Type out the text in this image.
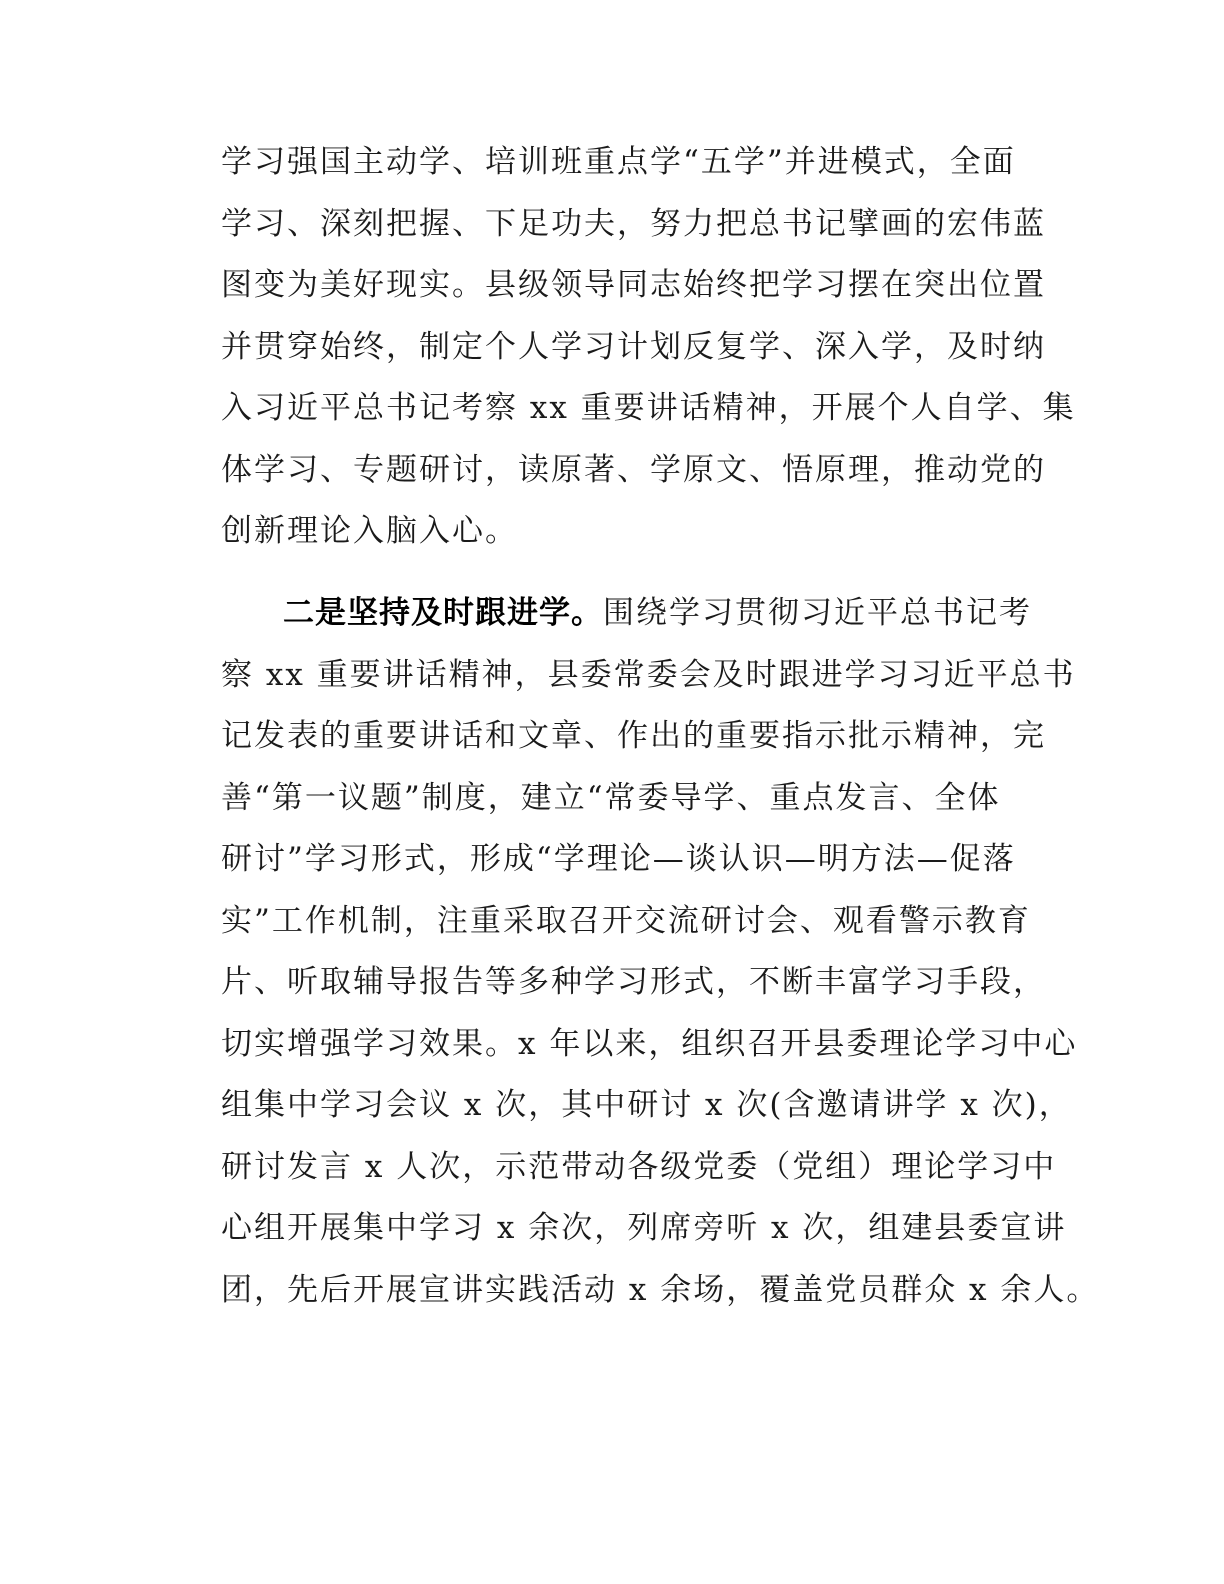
学习强国主动学、培训班重点学“五学”并进模式，全面
学习、深刻把握、下足功夫，努力把总书记擘画的宏伟蓝
图变为美好现实。县级领导同志始终把学习摆在突出位置
并贯穿始终，制定个人学习计划反复学、深入学，及时纳
入习近平总书记考察 xx 重要讲话精神，开展个人自学、集
体学习、专题研讨，读原著、学原文、悟原理，推动党的
创新理论入脑入心。
二是坚持及时跟进学。围绕学习贯彻习近平总书记考
察 xx 重要讲话精神，县委常委会及时跟进学习习近平总书
记发表的重要讲话和文章、作出的重要指示批示精神，完
善“第一议题”制度，建立“常委导学、重点发言、全体
研讨”学习形式，形成“学理论—谈认识—明方法—促落
实”工作机制，注重采取召开交流研讨会、观看警示教育
片、听取辅导报告等多种学习形式，不断丰富学习手段，
切实增强学习效果。x 年以来，组织召开县委理论学习中心
组集中学习会议 x 次，其中研讨 x 次(含邀请讲学 x 次)，
研讨发言 x 人次，示范带动各级党委（党组）理论学习中
心组开展集中学习 x 余次，列席旁听 x 次，组建县委宣讲
团，先后开展宣讲实践活动 x 余场，覆盖党员群众 x 余人。
